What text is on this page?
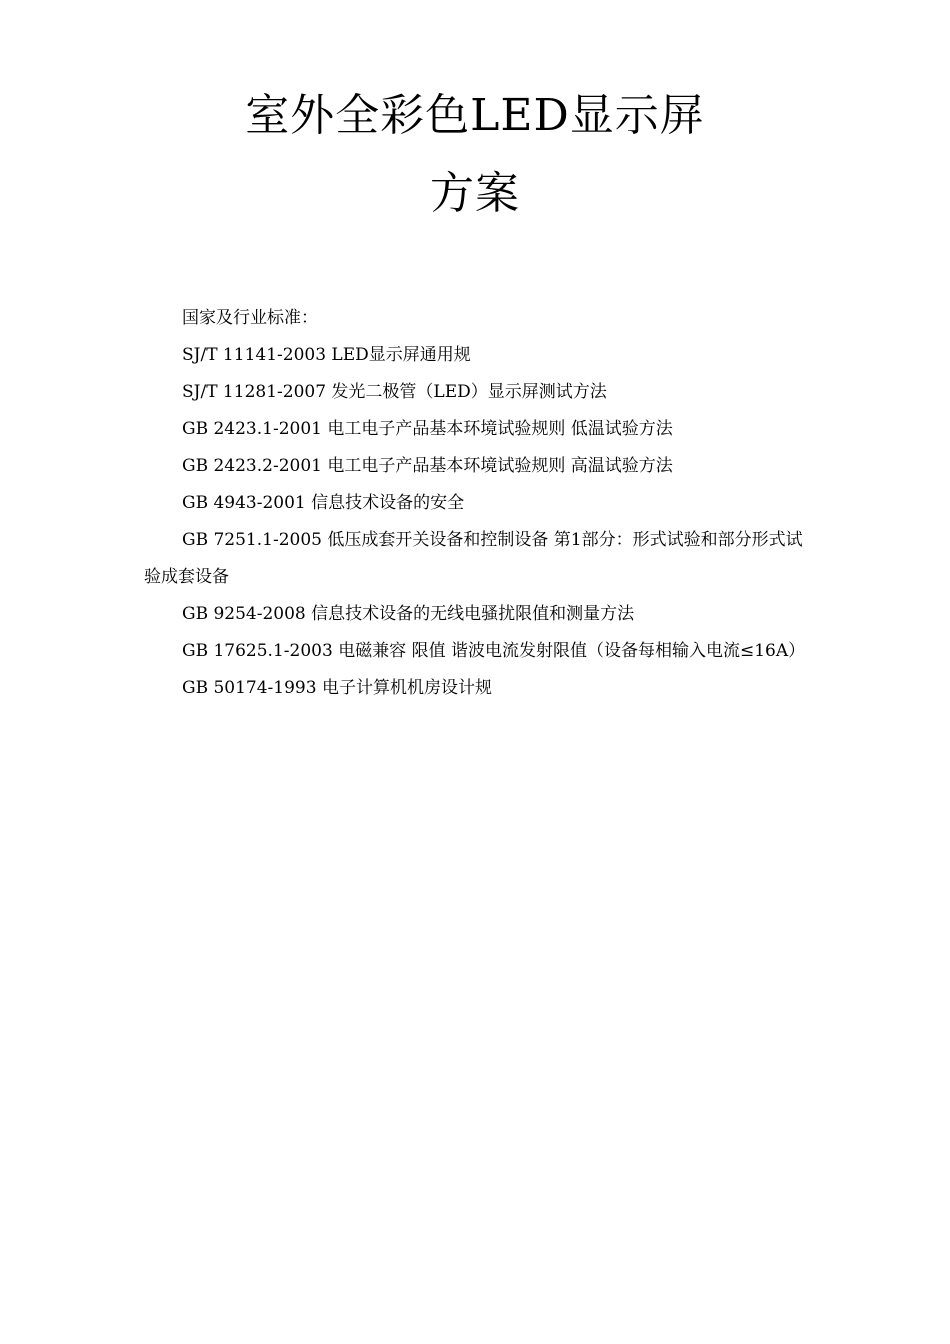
室外全彩色LED显示屏
方案

国家及行业标准：

SJ/T 11141-2003 LED显示屏通用规

SJ/T 11281-2007 发光二极管（LED）显示屏测试方法

GB 2423.1-2001 电工电子产品基本环境试验规则 低温试验方法

GB 2423.2-2001 电工电子产品基本环境试验规则 高温试验方法

GB 4943-2001 信息技术设备的安全

GB 7251.1-2005 低压成套开关设备和控制设备 第1部分：形式试验和部分形式试验成套设备

GB 9254-2008 信息技术设备的无线电骚扰限值和测量方法

GB 17625.1-2003 电磁兼容 限值 谐波电流发射限值（设备每相输入电流≤16A）

GB 50174-1993 电子计算机机房设计规
